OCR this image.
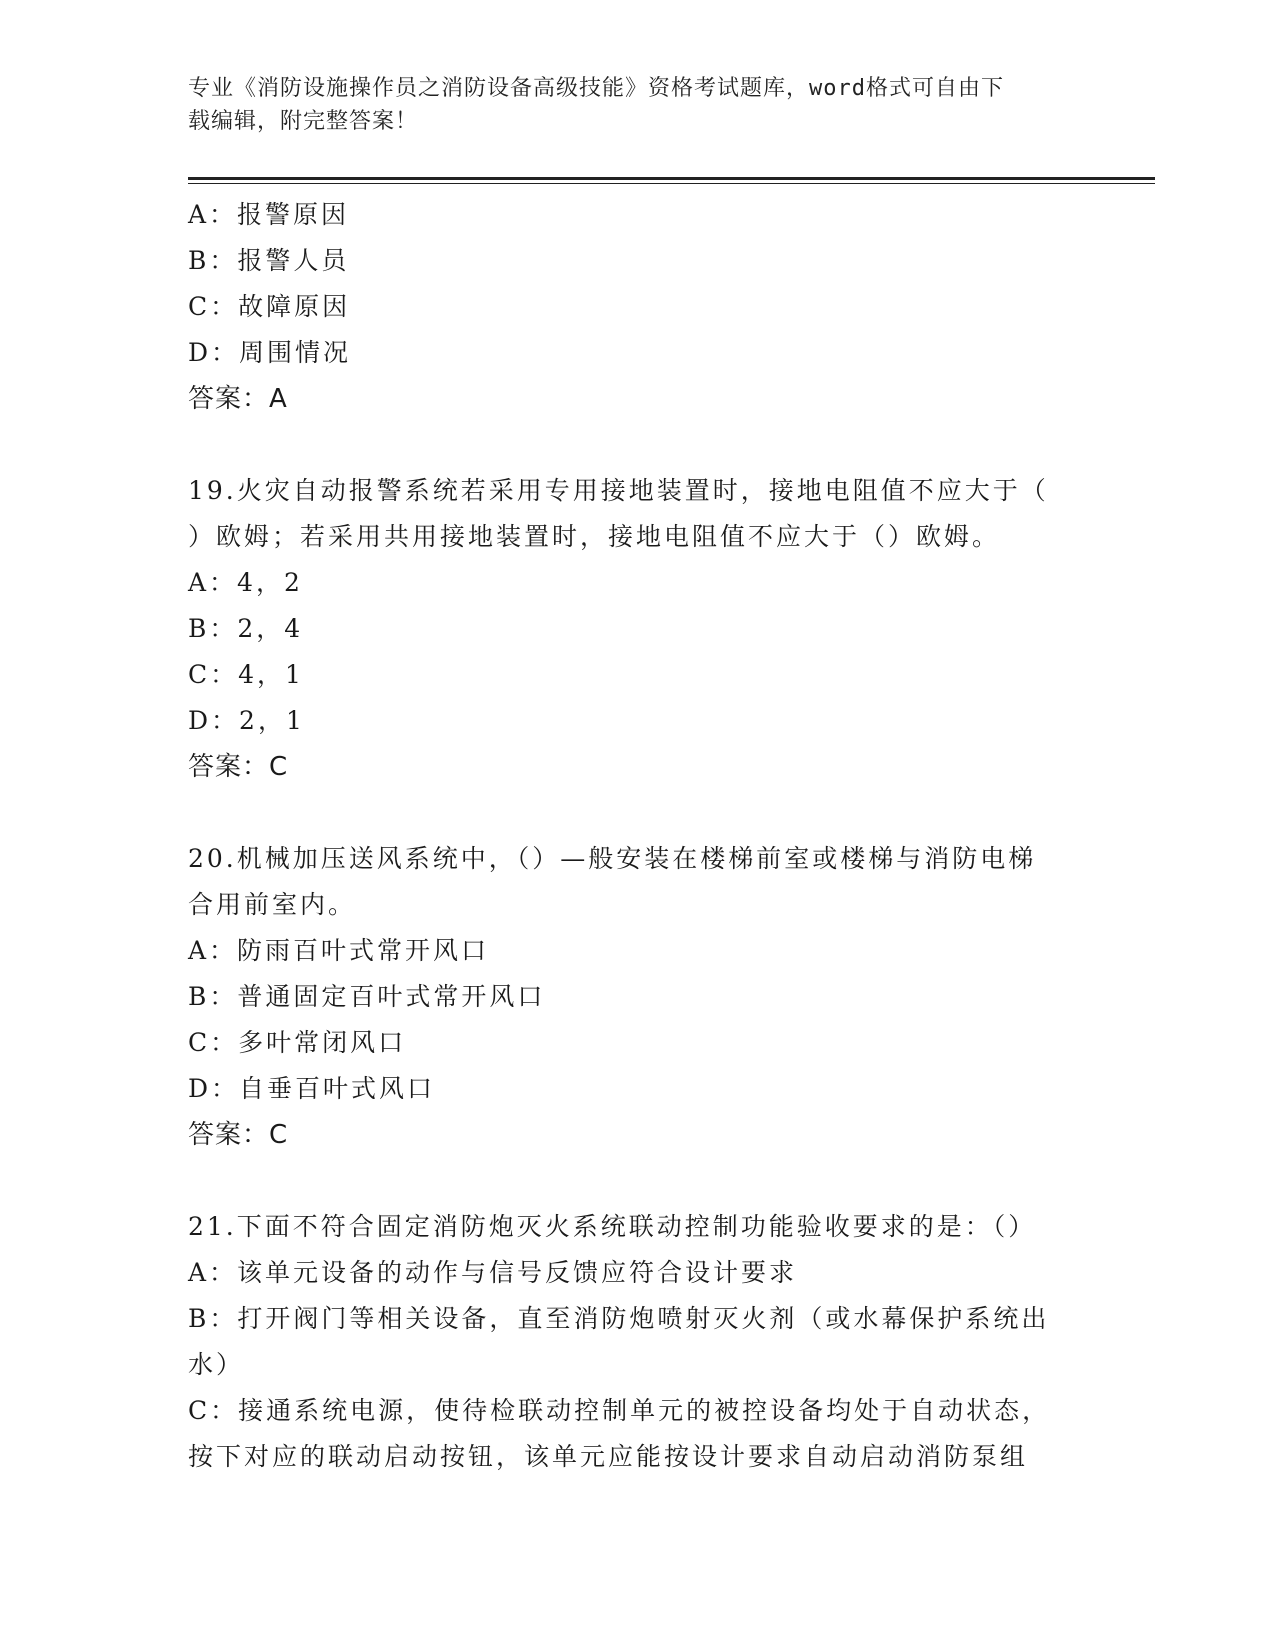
专业《消防设施操作员之消防设备高级技能》资格考试题库，word格式可自由下
载编辑，附完整答案！
A：报警原因
B：报警人员
C：故障原因
D：周围情况
答案：A
19.火灾自动报警系统若采用专用接地装置时，接地电阻值不应大于（
）欧姆；若采用共用接地装置时，接地电阻值不应大于（）欧姆。
A：4，2
B：2，4
C：4，1
D：2，1
答案：C
20.机械加压送风系统中，（）—般安装在楼梯前室或楼梯与消防电梯
合用前室内。
A：防雨百叶式常开风口
B：普通固定百叶式常开风口
C：多叶常闭风口
D：自垂百叶式风口
答案：C
21.下面不符合固定消防炮灭火系统联动控制功能验收要求的是：（）
A：该单元设备的动作与信号反馈应符合设计要求
B：打开阀门等相关设备，直至消防炮喷射灭火剂（或水幕保护系统出
水）
C：接通系统电源，使待检联动控制单元的被控设备均处于自动状态，
按下对应的联动启动按钮，该单元应能按设计要求自动启动消防泵组
